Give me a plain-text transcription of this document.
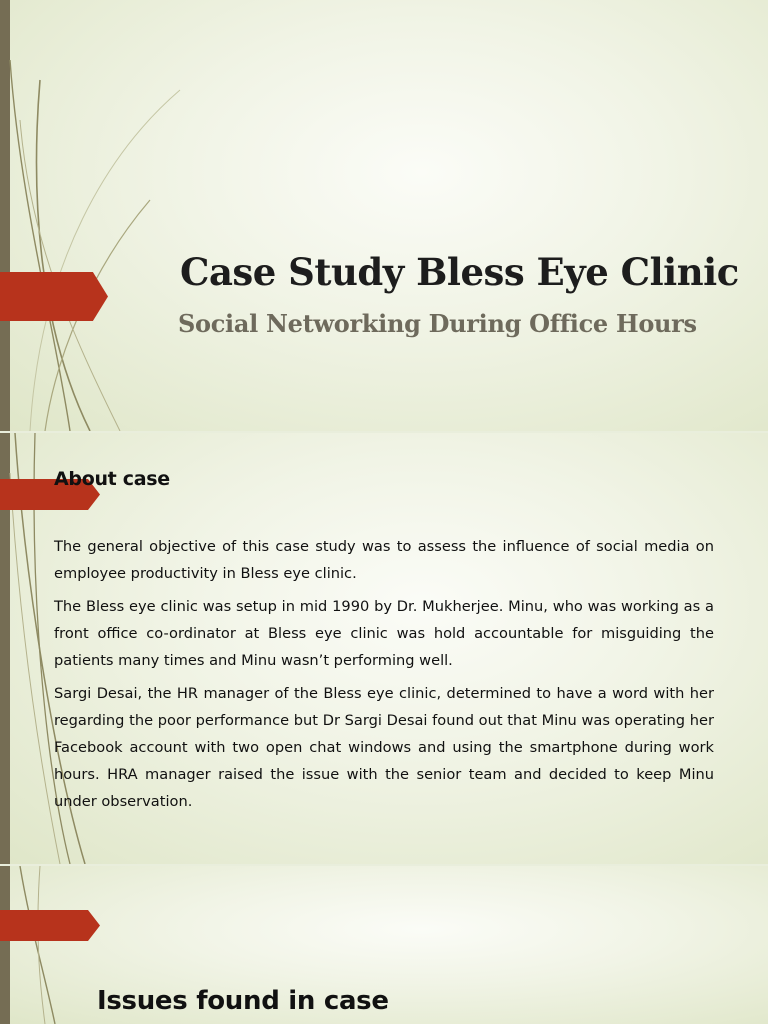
Case Study Bless Eye Clinic
Social Networking During Office Hours
About case

The general objective of this case study was to assess the influence of social media on employee productivity in Bless eye clinic.

The Bless eye clinic was setup in mid 1990 by Dr. Mukherjee. Minu, who was working as a front office co-ordinator at Bless eye clinic was hold accountable for misguiding the patients many times and Minu wasn’t performing well.

Sargi Desai, the HR manager of the Bless eye clinic, determined to have a word with her regarding the poor performance but Dr Sargi Desai found out that Minu was operating her Facebook account with two open chat windows and using the smartphone during work hours. HRA manager raised the issue with the senior team and decided to keep Minu under observation.

Issues found in case
